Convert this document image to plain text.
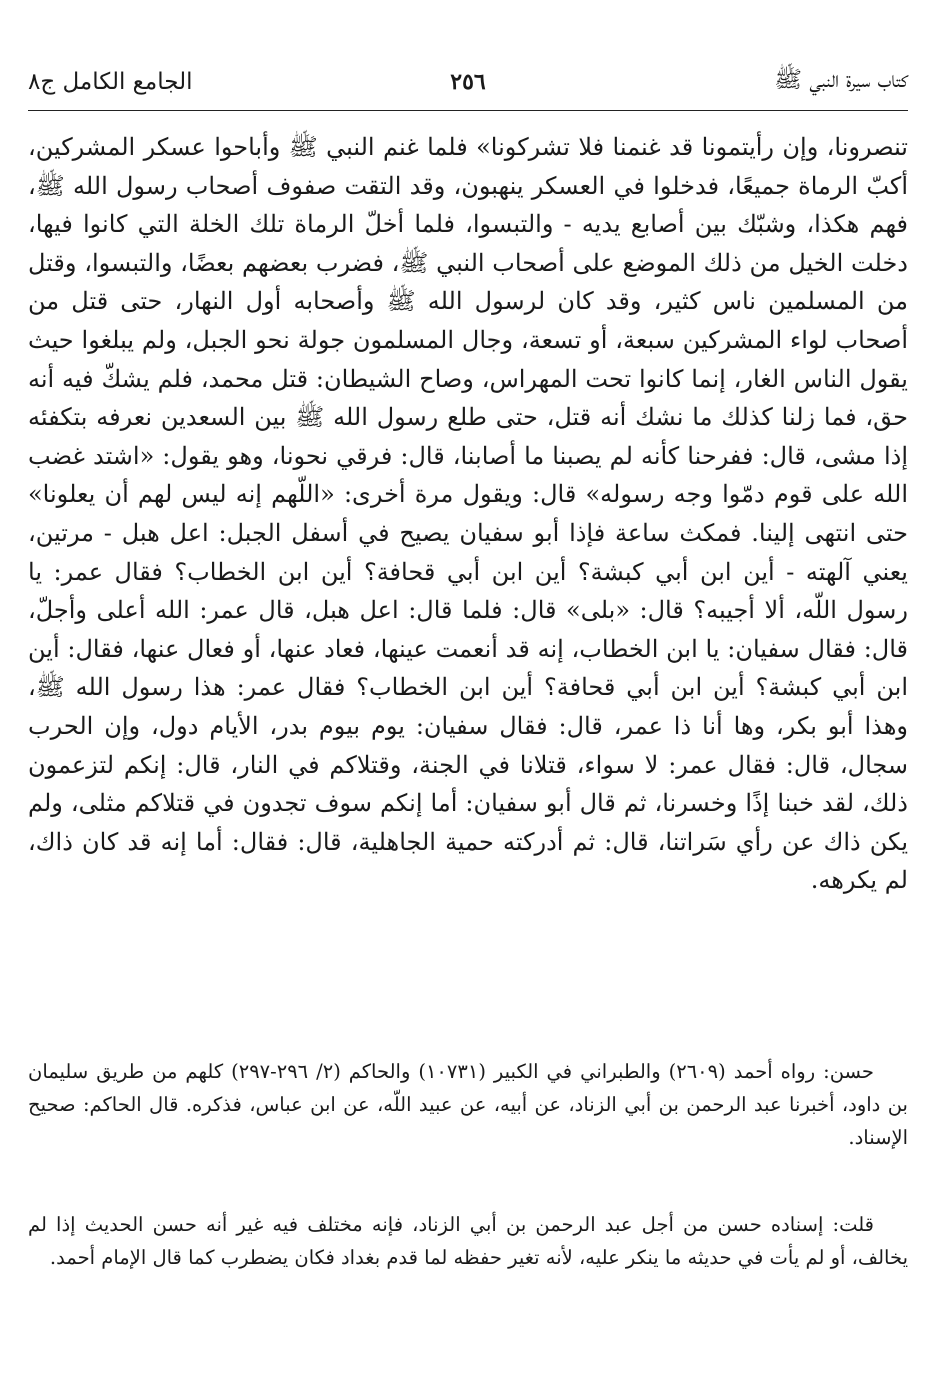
كتاب سيرة النبي ﷺ
٢٥٦
الجامع الكامل ج٨

تنصرونا، وإن رأيتمونا قد غنمنا فلا تشركونا» فلما غنم النبي ﷺ وأباحوا عسكر المشركين، أكبّ الرماة جميعًا، فدخلوا في العسكر ينهبون، وقد التقت صفوف أصحاب رسول الله ﷺ، فهم هكذا، وشبّك بين أصابع يديه - والتبسوا، فلما أخلّ الرماة تلك الخلة التي كانوا فيها، دخلت الخيل من ذلك الموضع على أصحاب النبي ﷺ، فضرب بعضهم بعضًا، والتبسوا، وقتل من المسلمين ناس كثير، وقد كان لرسول الله ﷺ وأصحابه أول النهار، حتى قتل من أصحاب لواء المشركين سبعة، أو تسعة، وجال المسلمون جولة نحو الجبل، ولم يبلغوا حيث يقول الناس الغار، إنما كانوا تحت المهراس، وصاح الشيطان: قتل محمد، فلم يشكّ فيه أنه حق، فما زلنا كذلك ما نشك أنه قتل، حتى طلع رسول الله ﷺ بين السعدين نعرفه بتكفئه إذا مشى، قال: ففرحنا كأنه لم يصبنا ما أصابنا، قال: فرقي نحونا، وهو يقول: «اشتد غضب الله على قوم دمّوا وجه رسوله» قال: ويقول مرة أخرى: «اللّهم إنه ليس لهم أن يعلونا» حتى انتهى إلينا. فمكث ساعة فإذا أبو سفيان يصيح في أسفل الجبل: اعل هبل - مرتين، يعني آلهته - أين ابن أبي كبشة؟ أين ابن أبي قحافة؟ أين ابن الخطاب؟ فقال عمر: يا رسول اللّه، ألا أجيبه؟ قال: «بلى» قال: فلما قال: اعل هبل، قال عمر: الله أعلى وأجلّ، قال: فقال سفيان: يا ابن الخطاب، إنه قد أنعمت عينها، فعاد عنها، أو فعال عنها، فقال: أين ابن أبي كبشة؟ أين ابن أبي قحافة؟ أين ابن الخطاب؟ فقال عمر: هذا رسول الله ﷺ، وهذا أبو بكر، وها أنا ذا عمر، قال: فقال سفيان: يوم بيوم بدر، الأيام دول، وإن الحرب سجال، قال: فقال عمر: لا سواء، قتلانا في الجنة، وقتلاكم في النار، قال: إنكم لتزعمون ذلك، لقد خبنا إذًا وخسرنا، ثم قال أبو سفيان: أما إنكم سوف تجدون في قتلاكم مثلى، ولم يكن ذاك عن رأي سَراتنا، قال: ثم أدركته حمية الجاهلية، قال: فقال: أما إنه قد كان ذاك، لم يكرهه.

حسن: رواه أحمد (٢٦٠٩) والطبراني في الكبير (١٠٧٣١) والحاكم (٢/ ٢٩٦-٢٩٧) كلهم من طريق سليمان بن داود، أخبرنا عبد الرحمن بن أبي الزناد، عن أبيه، عن عبيد اللّه، عن ابن عباس، فذكره. قال الحاكم: صحيح الإسناد.

قلت: إسناده حسن من أجل عبد الرحمن بن أبي الزناد، فإنه مختلف فيه غير أنه حسن الحديث إذا لم يخالف، أو لم يأت في حديثه ما ينكر عليه، لأنه تغير حفظه لما قدم بغداد فكان يضطرب كما قال الإمام أحمد.
